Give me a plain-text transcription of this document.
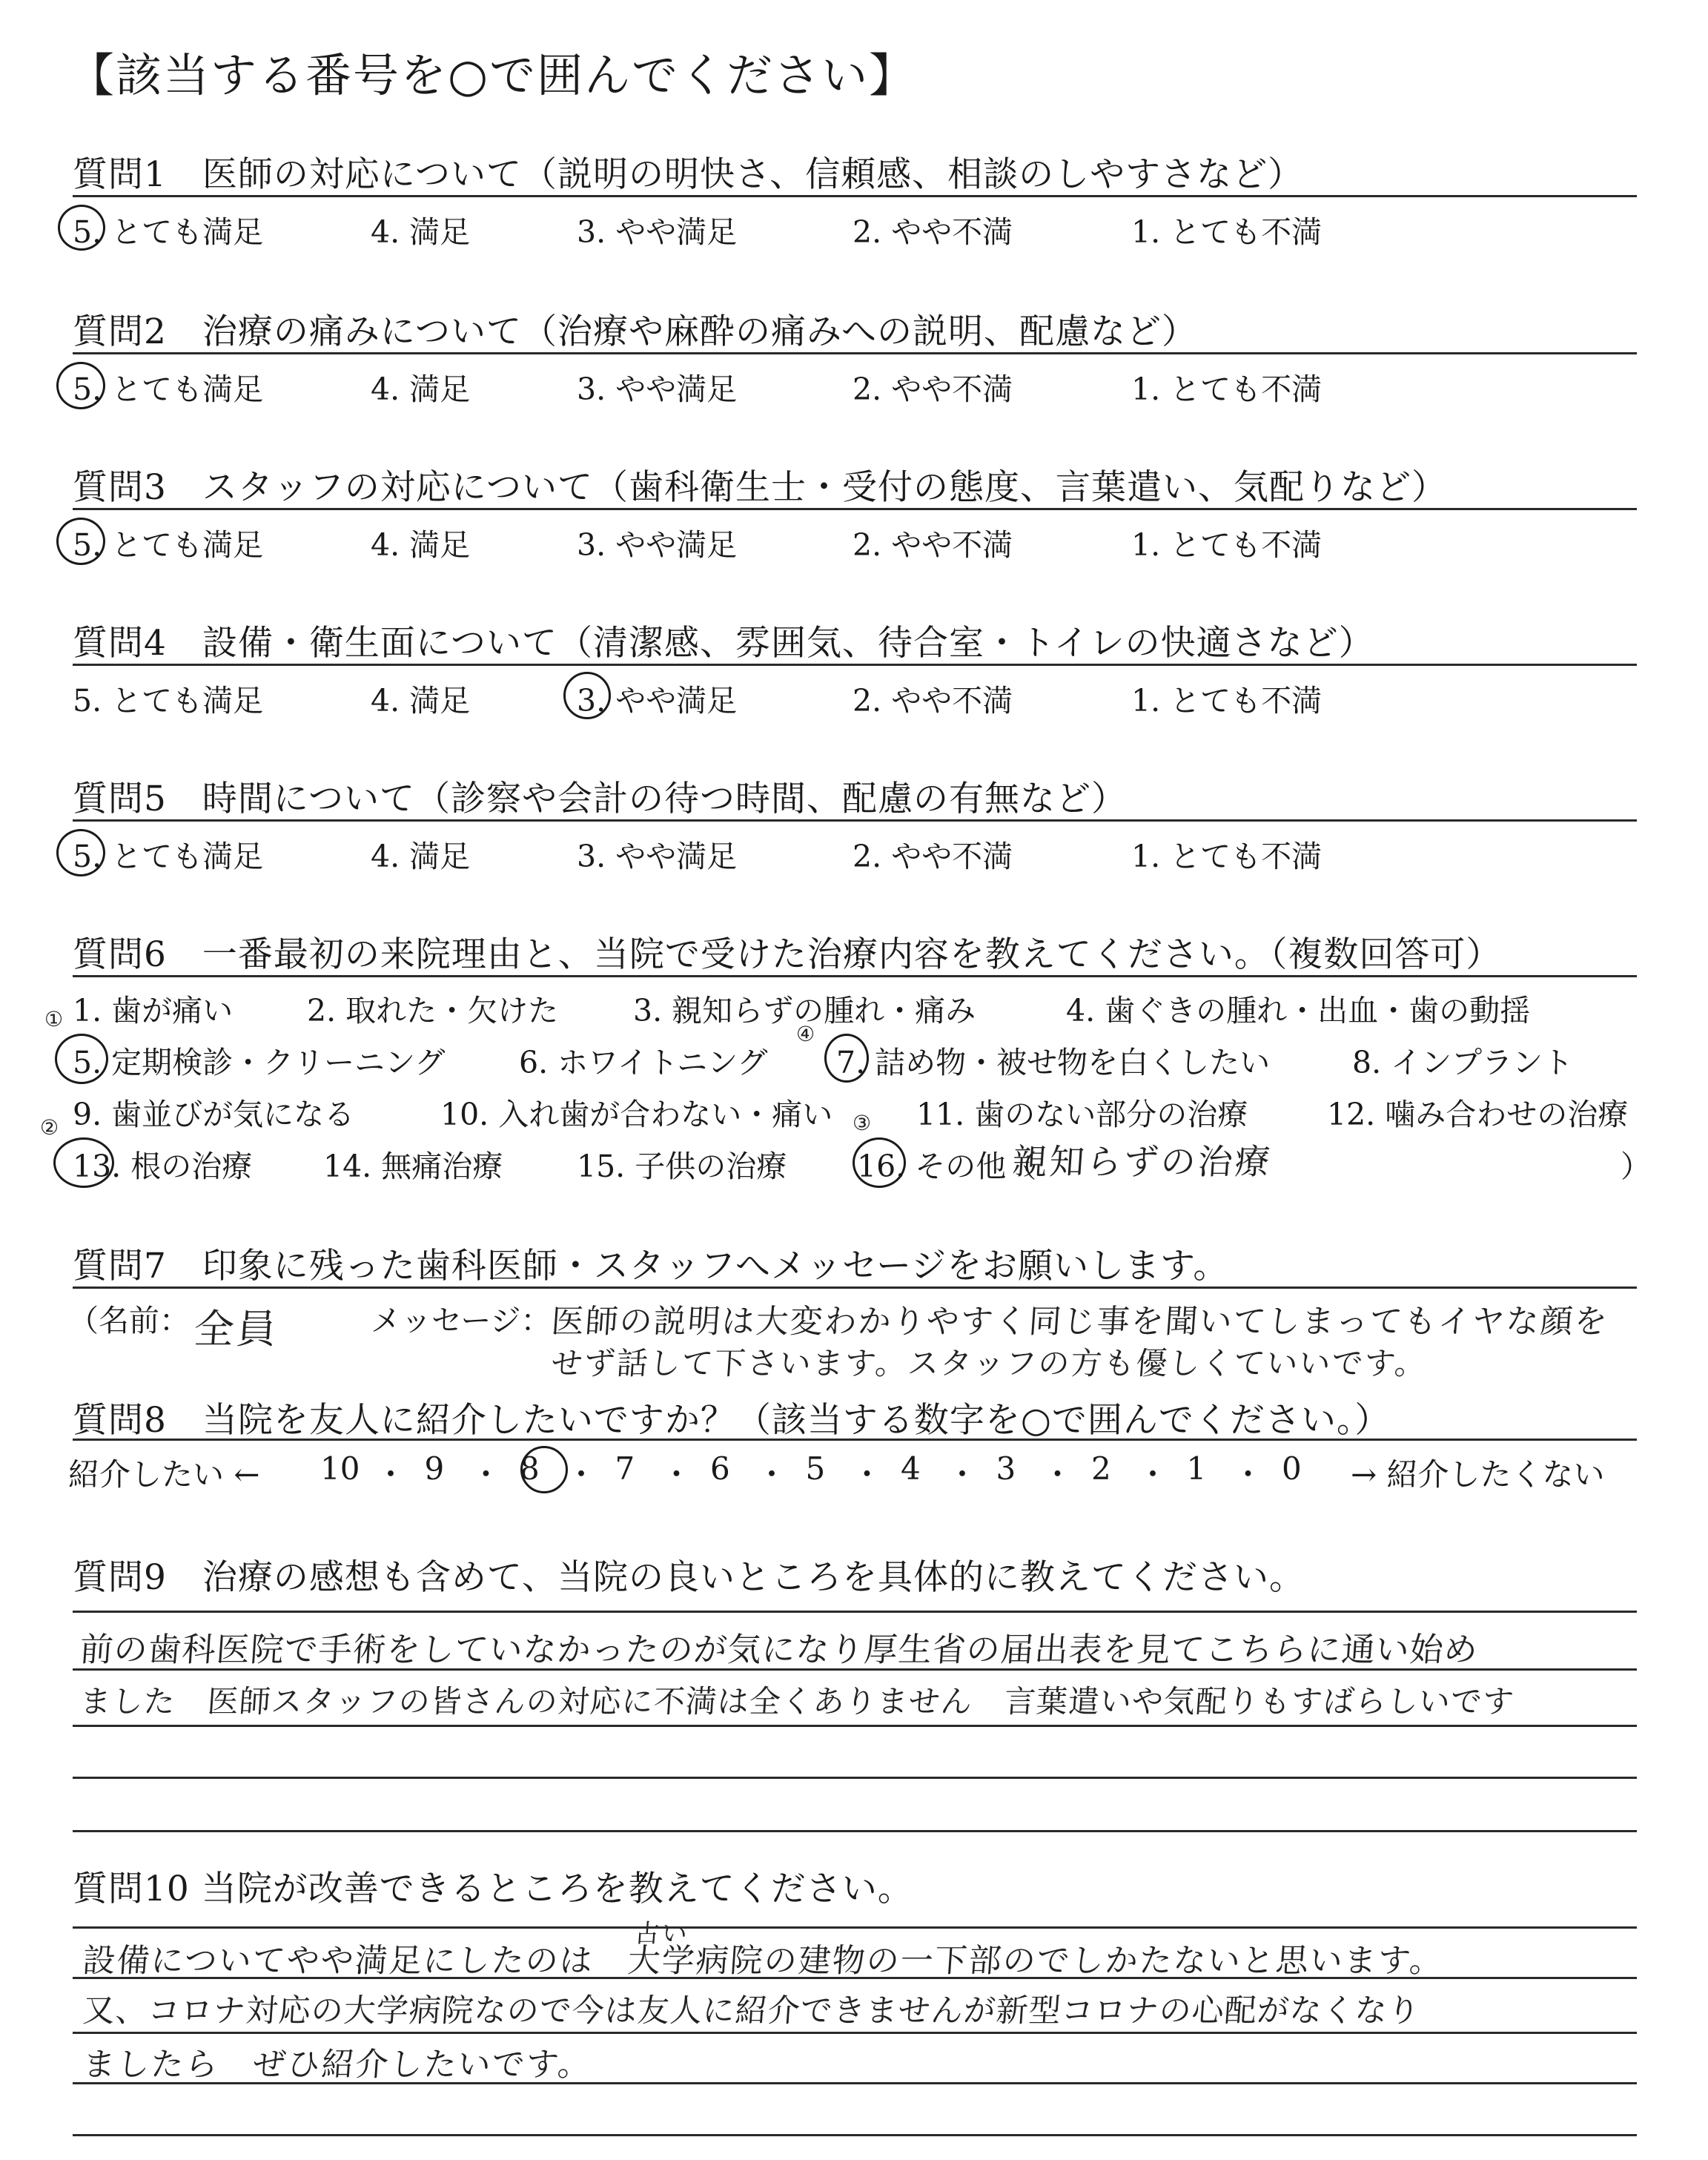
【該当する番号を○で囲んでください】
質問1　医師の対応について（説明の明快さ、信頼感、相談のしやすさなど）
5. とても満足	4. 満足	3. やや満足	2. やや不満	1. とても不満
質問2　治療の痛みについて（治療や麻酔の痛みへの説明、配慮など）
5. とても満足	4. 満足	3. やや満足	2. やや不満	1. とても不満
質問3　スタッフの対応について（歯科衛生士・受付の態度、言葉遣い、気配りなど）
5. とても満足	4. 満足	3. やや満足	2. やや不満	1. とても不満
質問4　設備・衛生面について（清潔感、雰囲気、待合室・トイレの快適さなど）
5. とても満足	4. 満足	3. やや満足	2. やや不満	1. とても不満
質問5　時間について（診察や会計の待つ時間、配慮の有無など）
5. とても満足	4. 満足	3. やや満足	2. やや不満	1. とても不満
質問6　一番最初の来院理由と、当院で受けた治療内容を教えてください。（複数回答可）
1. 歯が痛い 2. 取れた・欠けた 3. 親知らずの腫れ・痛み	4. 歯ぐきの腫れ・出血・歯の動揺
5. 定期検診・クリーニング 6. ホワイトニング 7. 詰め物・被せ物を白くしたい	8. インプラント
9. 歯並びが気になる	10. 入れ歯が合わない・痛い	11. 歯のない部分の治療	12. 噛み合わせの治療
13. 根の治療 14. 無痛治療 15. 子供の治療 16. その他（
親知らずの治療	）
①
②	③
④
質問7　印象に残った歯科医師・スタッフへメッセージをお願いします。
（名前： 全員	メッセージ：
医師の説明は大変わかりやすく同じ事を聞いてしまってもイヤな顔を
せず話して下さいます。スタッフの方も優しくていいです。
質問8　当院を友人に紹介したいですか？（該当する数字を○で囲んでください。）
紹介したい ←	→ 紹介したくない
10 ・ 9 ・ 8 ・ 7 ・ 6 ・ 5 ・ 4 ・ 3 ・ 2 ・ 1 ・ 0
質問9　治療の感想も含めて、当院の良いところを具体的に教えてください。
前の歯科医院で手術をしていなかったのが気になり厚生省の届出表を見てこちらに通い始め
ました　医師スタッフの皆さんの対応に不満は全くありません　言葉遣いや気配りもすばらしいです
質問10 当院が改善できるところを教えてください。
古い
設備についてやや満足にしたのは　大学病院の建物の一下部のでしかたないと思います。
又、コロナ対応の大学病院なので今は友人に紹介できませんが新型コロナの心配がなくなり
ましたら　ぜひ紹介したいです。
